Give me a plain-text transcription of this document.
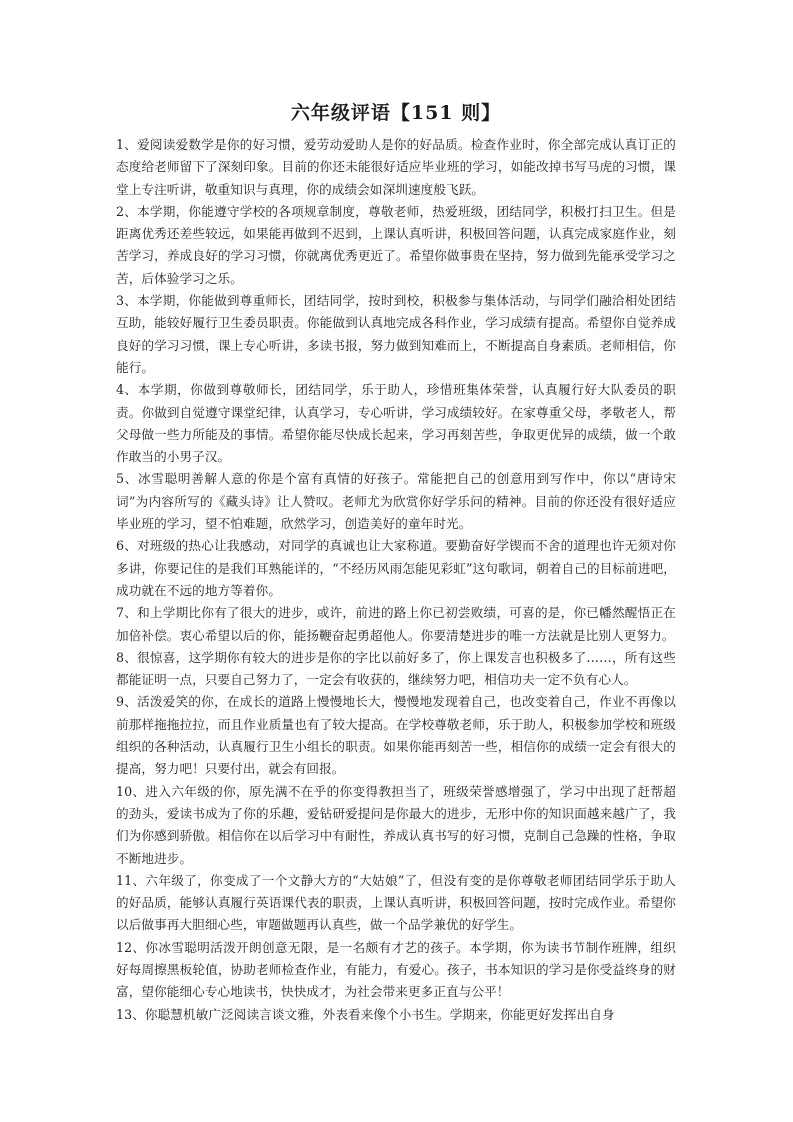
六年级评语【151 则】

1、爱阅读爱数学是你的好习惯，爱劳动爱助人是你的好品质。检查作业时，你全部完成认真订正的态度给老师留下了深刻印象。目前的你还未能很好适应毕业班的学习，如能改掉书写马虎的习惯，课堂上专注听讲，敬重知识与真理，你的成绩会如深圳速度般飞跃。

2、本学期，你能遵守学校的各项规章制度，尊敬老师，热爱班级，团结同学，积极打扫卫生。但是距离优秀还差些较远，如果能再做到不迟到，上课认真听讲，积极回答问题，认真完成家庭作业，刻苦学习，养成良好的学习习惯，你就离优秀更近了。希望你做事贵在坚持，努力做到先能承受学习之苦，后体验学习之乐。

3、本学期，你能做到尊重师长，团结同学，按时到校，积极参与集体活动，与同学们融洽相处团结互助，能较好履行卫生委员职责。你能做到认真地完成各科作业，学习成绩有提高。希望你自觉养成良好的学习习惯，课上专心听讲，多读书报，努力做到知难而上，不断提高自身素质。老师相信，你能行。

4、本学期，你做到尊敬师长，团结同学，乐于助人，珍惜班集体荣誉，认真履行好大队委员的职责。你做到自觉遵守课堂纪律，认真学习，专心听讲，学习成绩较好。在家尊重父母，孝敬老人，帮父母做一些力所能及的事情。希望你能尽快成长起来，学习再刻苦些，争取更优异的成绩，做一个敢作敢当的小男子汉。

5、冰雪聪明善解人意的你是个富有真情的好孩子。常能把自己的创意用到写作中，你以“唐诗宋词”为内容所写的《藏头诗》让人赞叹。老师尤为欣赏你好学乐问的精神。目前的你还没有很好适应毕业班的学习，望不怕难题，欣然学习，创造美好的童年时光。

6、对班级的热心让我感动，对同学的真诚也让大家称道。要勤奋好学锲而不舍的道理也许无须对你多讲，你要记住的是我们耳熟能详的，“不经历风雨怎能见彩虹”这句歌词，朝着自己的目标前进吧，成功就在不远的地方等着你。

7、和上学期比你有了很大的进步，或许，前进的路上你已初尝败绩，可喜的是，你已幡然醒悟正在加倍补偿。衷心希望以后的你，能扬鞭奋起勇超他人。你要清楚进步的唯一方法就是比别人更努力。

8、很惊喜，这学期你有较大的进步是你的字比以前好多了，你上课发言也积极多了……，所有这些都能证明一点，只要自己努力了，一定会有收获的，继续努力吧，相信功夫一定不负有心人。

9、活泼爱笑的你，在成长的道路上慢慢地长大，慢慢地发现着自己，也改变着自己，作业不再像以前那样拖拖拉拉，而且作业质量也有了较大提高。在学校尊敬老师，乐于助人，积极参加学校和班级组织的各种活动，认真履行卫生小组长的职责。如果你能再刻苦一些，相信你的成绩一定会有很大的提高，努力吧！只要付出，就会有回报。

10、进入六年级的你，原先满不在乎的你变得教担当了，班级荣誉感增强了，学习中出现了赶帮超的劲头，爱读书成为了你的乐趣，爱钻研爱提问是你最大的进步，无形中你的知识面越来越广了，我们为你感到骄傲。相信你在以后学习中有耐性，养成认真书写的好习惯，克制自己急躁的性格，争取不断地进步。

11、六年级了，你变成了一个文静大方的“大姑娘”了，但没有变的是你尊敬老师团结同学乐于助人的好品质，能够认真履行英语课代表的职责，上课认真听讲，积极回答问题，按时完成作业。希望你以后做事再大胆细心些，审题做题再认真些，做一个品学兼优的好学生。

12、你冰雪聪明活泼开朗创意无限，是一名颇有才艺的孩子。本学期，你为读书节制作班牌，组织好每周擦黑板轮值，协助老师检查作业，有能力，有爱心。孩子，书本知识的学习是你受益终身的财富，望你能细心专心地读书，快快成才，为社会带来更多正直与公平！

13、你聪慧机敏广泛阅读言谈文雅，外表看来像个小书生。学期来，你能更好发挥出自身
